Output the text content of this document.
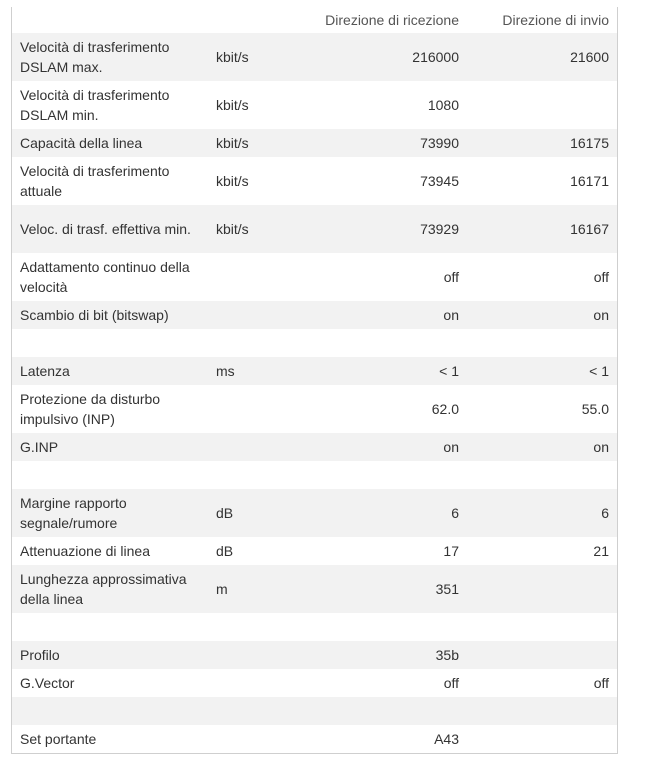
		Direzione di ricezione	Direzione di invio
Velocità di trasferimento DSLAM max.	kbit/s	216000	21600
Velocità di trasferimento DSLAM min.	kbit/s	1080	
Capacità della linea	kbit/s	73990	16175
Velocità di trasferimento attuale	kbit/s	73945	16171
Veloc. di trasf. effettiva min.	kbit/s	73929	16167
Adattamento continuo della velocità		off	off
Scambio di bit (bitswap)		on	on

Latenza	ms	< 1	< 1
Protezione da disturbo impulsivo (INP)		62.0	55.0
G.INP		on	on

Margine rapporto segnale/rumore	dB	6	6
Attenuazione di linea	dB	17	21
Lunghezza approssimativa della linea	m	351	

Profilo		35b	
G.Vector		off	off

Set portante		A43	
